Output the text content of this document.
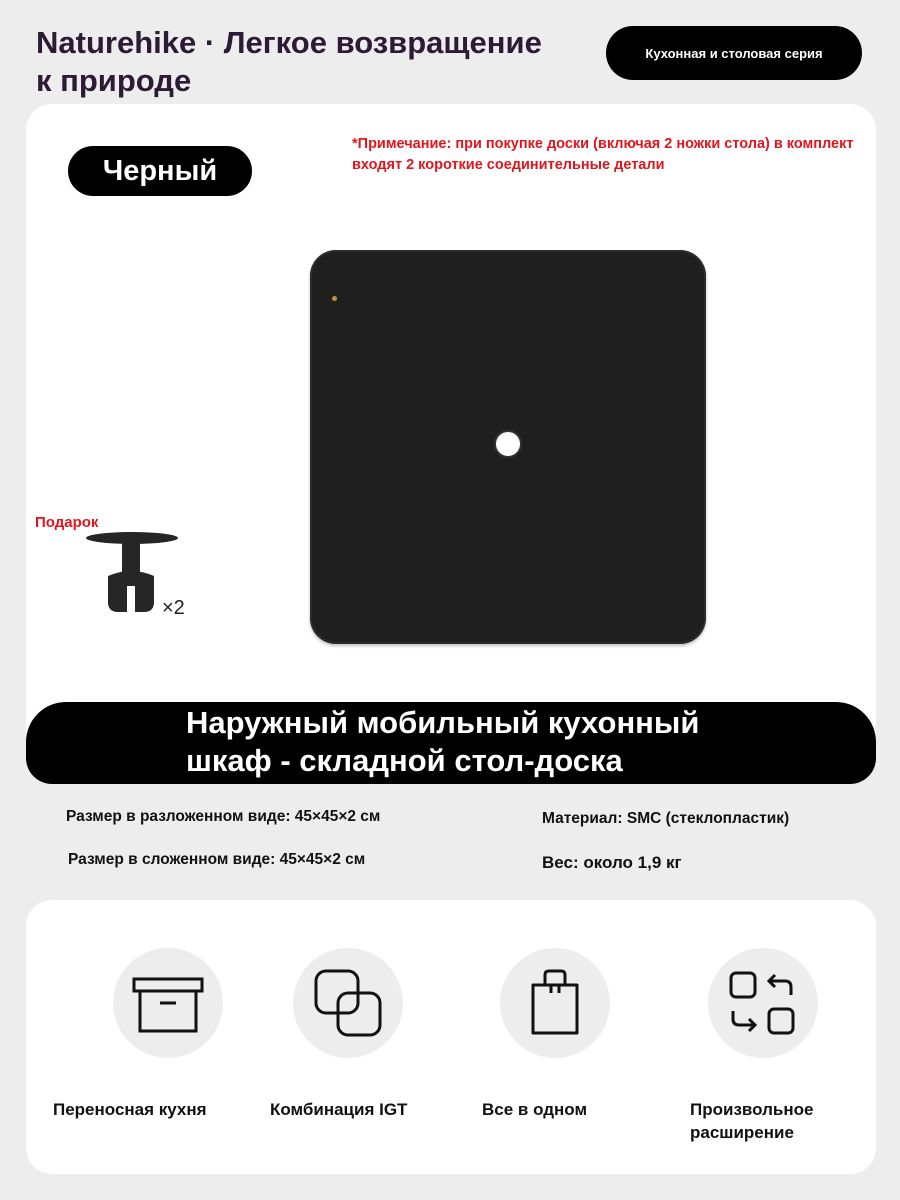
Naturehike · Легкое возвращение к природе
Кухонная и столовая серия
Черный
*Примечание: при покупке доски (включая 2 ножки стола) в комплект входят 2 короткие соединительные детали
Подарок
×2
Наружный мобильный кухонный
шкаф - складной стол-доска
Размер в разложенном виде: 45×45×2 см
Размер в сложенном виде: 45×45×2 см
Материал: SMC (стеклопластик)
Вес: около 1,9 кг
Переносная кухня	Комбинация IGT	Все в одном	Произвольное расширение
